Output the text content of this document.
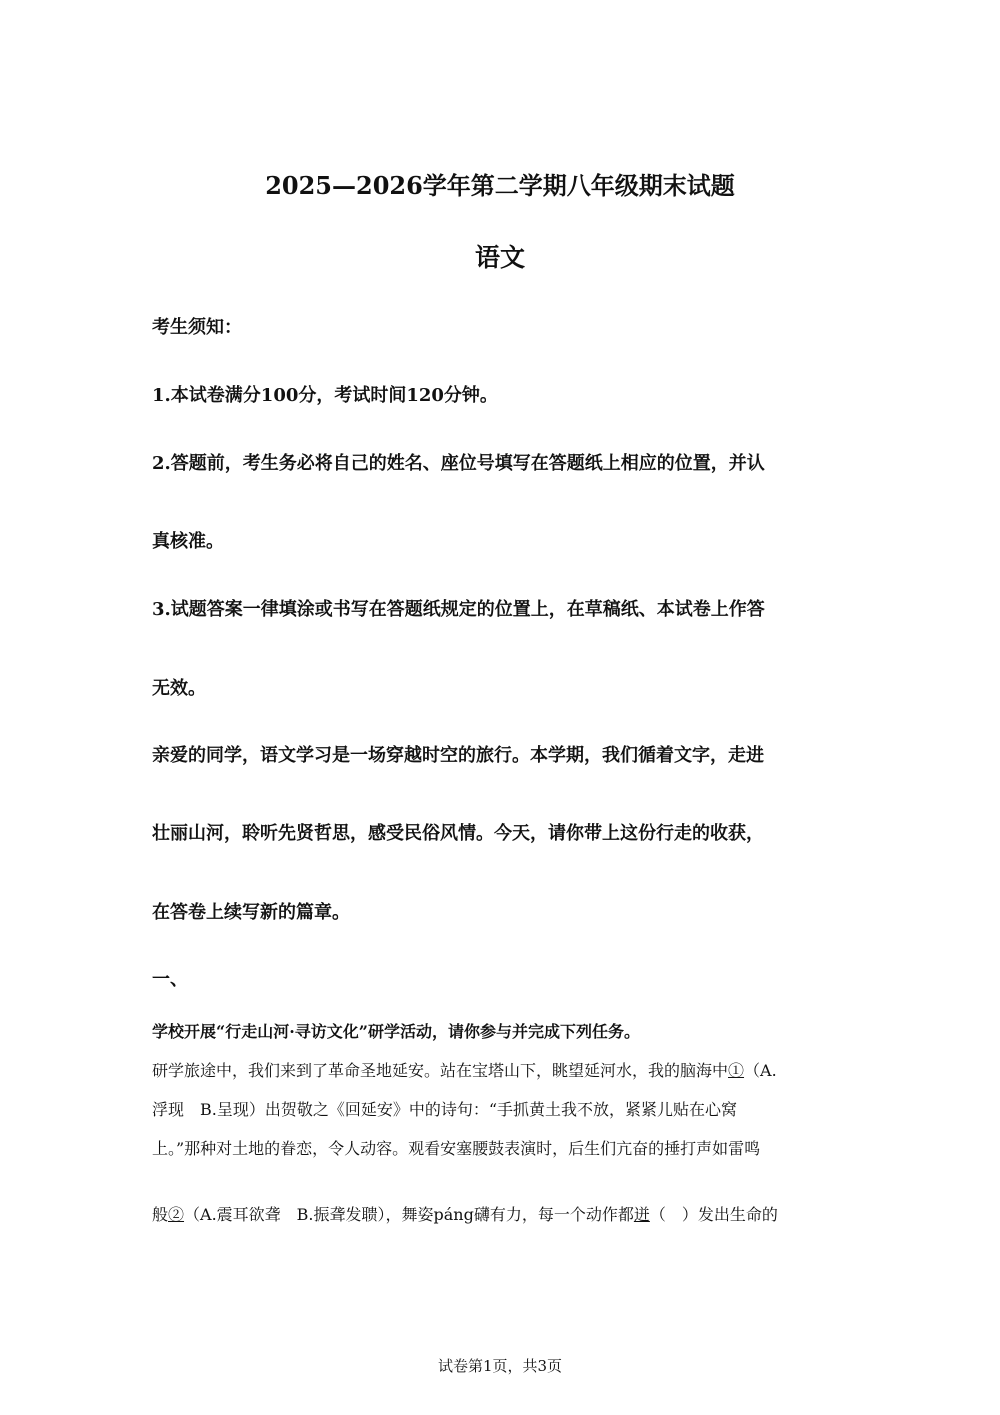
2025—2026学年第二学期八年级期末试题
语文

考生须知：

1.本试卷满分100分，考试时间120分钟。

2.答题前，考生务必将自己的姓名、座位号填写在答题纸上相应的位置，并认

真核准。

3.试题答案一律填涂或书写在答题纸规定的位置上，在草稿纸、本试卷上作答

无效。

亲爱的同学，语文学习是一场穿越时空的旅行。本学期，我们循着文字，走进

壮丽山河，聆听先贤哲思，感受民俗风情。今天，请你带上这份行走的收获，

在答卷上续写新的篇章。

一、

学校开展“行走山河·寻访文化”研学活动，请你参与并完成下列任务。

研学旅途中，我们来到了革命圣地延安。站在宝塔山下，眺望延河水，我的脑海中①（A.

浮现　B.呈现）出贺敬之《回延安》中的诗句：“手抓黄土我不放，紧紧儿贴在心窝

上。”那种对土地的眷恋，令人动容。观看安塞腰鼓表演时，后生们亢奋的捶打声如雷鸣

般②（A.震耳欲聋　B.振聋发聩），舞姿páng礴有力，每一个动作都迸（　）发出生命的

试卷第1页，共3页
